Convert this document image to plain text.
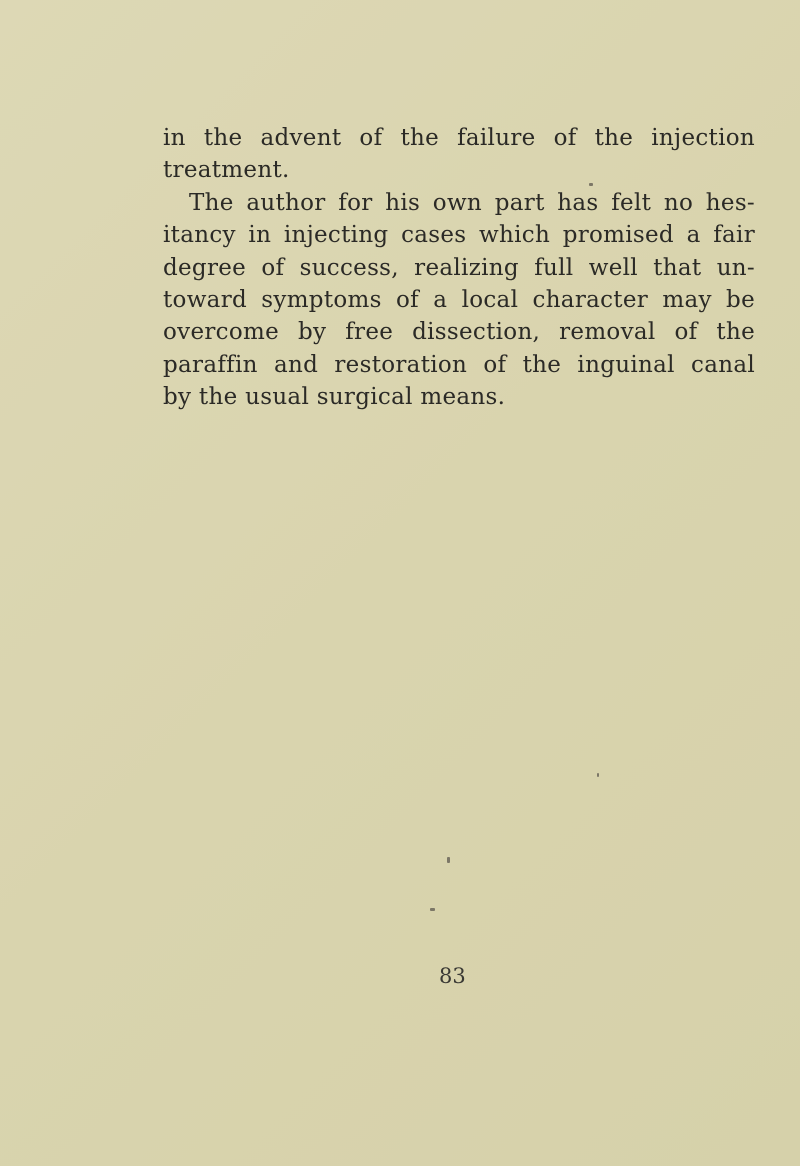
in the advent of the failure of the injection
treatment.
The author for his own part has felt no hes-
itancy in injecting cases which promised a fair
degree of success, realizing full well that un-
toward symptoms of a local character may be
overcome by free dissection, removal of the
paraffin and restoration of the inguinal canal
by the usual surgical means.
83
